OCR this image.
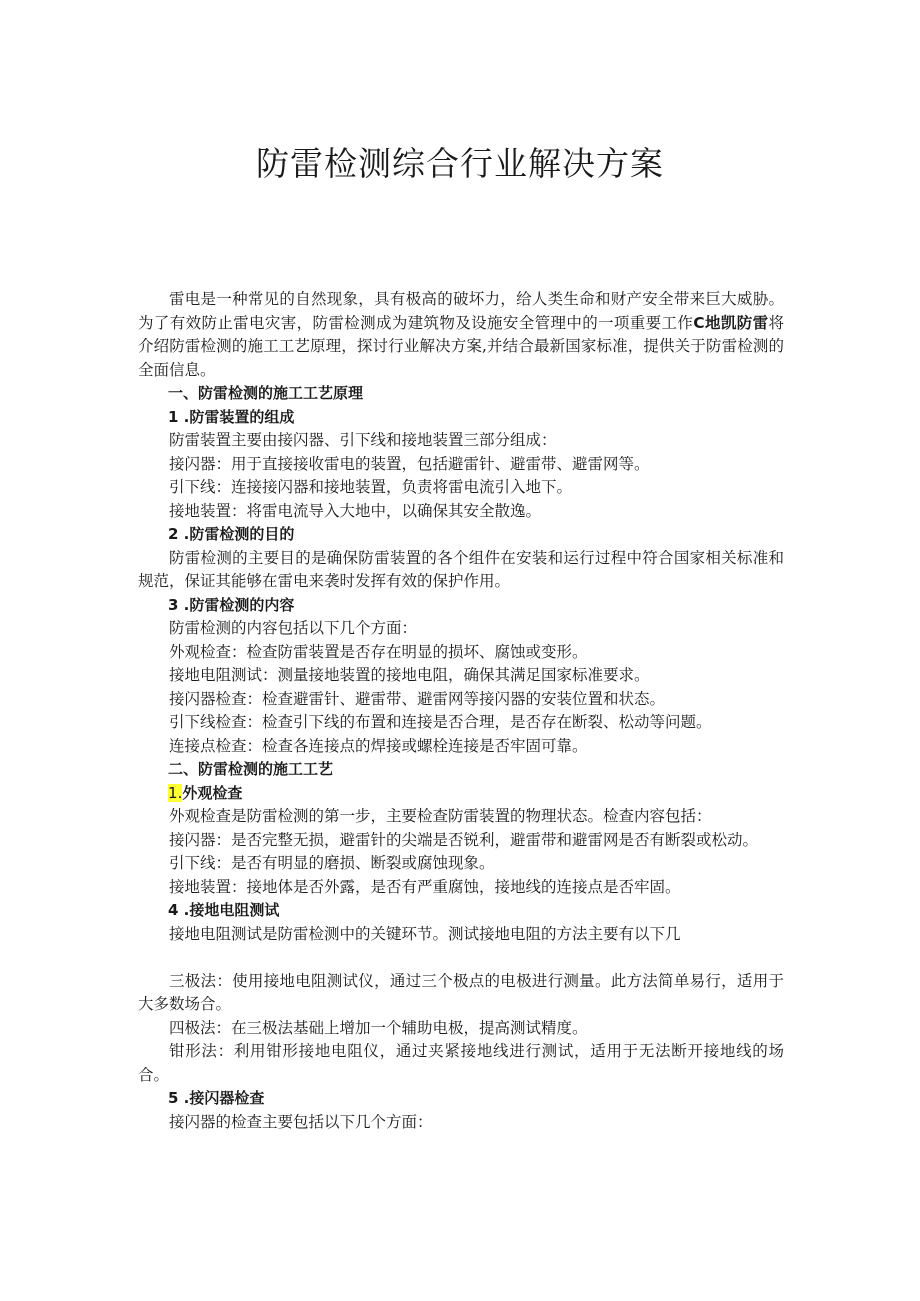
防雷检测综合行业解决方案

雷电是一种常见的自然现象，具有极高的破坏力，给人类生命和财产安全带来巨大威胁。为了有效防止雷电灾害，防雷检测成为建筑物及设施安全管理中的一项重要工作C地凯防雷将介绍防雷检测的施工工艺原理，探讨行业解决方案,并结合最新国家标准，提供关于防雷检测的全面信息。

一、防雷检测的施工工艺原理

1 .防雷装置的组成

防雷装置主要由接闪器、引下线和接地装置三部分组成：

接闪器：用于直接接收雷电的装置，包括避雷针、避雷带、避雷网等。

引下线：连接接闪器和接地装置，负责将雷电流引入地下。

接地装置：将雷电流导入大地中，以确保其安全散逸。

2 .防雷检测的目的

防雷检测的主要目的是确保防雷装置的各个组件在安装和运行过程中符合国家相关标准和规范，保证其能够在雷电来袭时发挥有效的保护作用。

3 .防雷检测的内容

防雷检测的内容包括以下几个方面：

外观检查：检查防雷装置是否存在明显的损坏、腐蚀或变形。

接地电阻测试：测量接地装置的接地电阻，确保其满足国家标准要求。

接闪器检查：检查避雷针、避雷带、避雷网等接闪器的安装位置和状态。

引下线检查：检查引下线的布置和连接是否合理，是否存在断裂、松动等问题。

连接点检查：检查各连接点的焊接或螺栓连接是否牢固可靠。

二、防雷检测的施工工艺

1.外观检查

外观检查是防雷检测的第一步，主要检查防雷装置的物理状态。检查内容包括：

接闪器：是否完整无损，避雷针的尖端是否锐利，避雷带和避雷网是否有断裂或松动。

引下线：是否有明显的磨损、断裂或腐蚀现象。

接地装置：接地体是否外露，是否有严重腐蚀，接地线的连接点是否牢固。

4 .接地电阻测试

接地电阻测试是防雷检测中的关键环节。测试接地电阻的方法主要有以下几

三极法：使用接地电阻测试仪，通过三个极点的电极进行测量。此方法简单易行，适用于大多数场合。

四极法：在三极法基础上增加一个辅助电极，提高测试精度。

钳形法：利用钳形接地电阻仪，通过夹紧接地线进行测试，适用于无法断开接地线的场合。

5 .接闪器检查

接闪器的检查主要包括以下几个方面：
